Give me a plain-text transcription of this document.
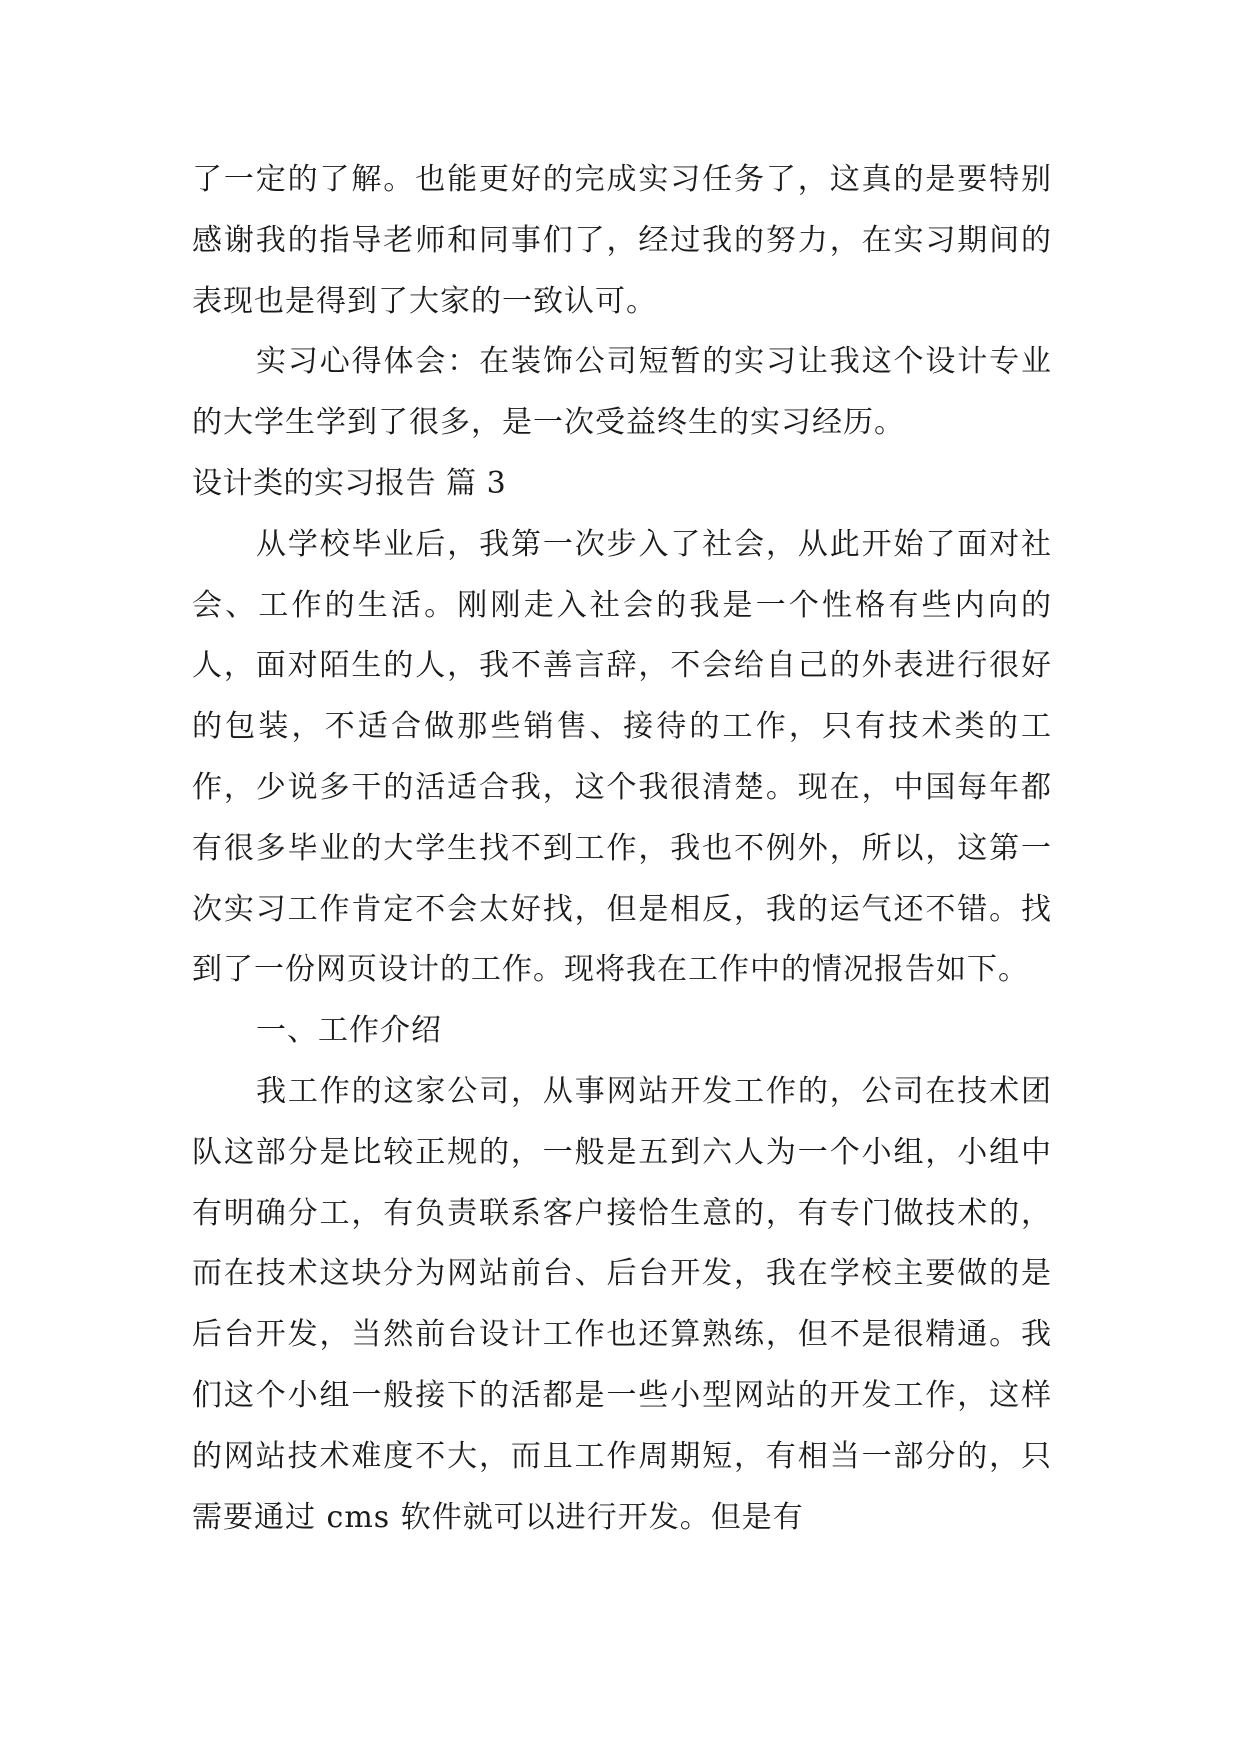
了一定的了解。也能更好的完成实习任务了，这真的是要特别感谢我的指导老师和同事们了，经过我的努力，在实习期间的表现也是得到了大家的一致认可。

实习心得体会：在装饰公司短暂的实习让我这个设计专业的大学生学到了很多，是一次受益终生的实习经历。

设计类的实习报告 篇 3

从学校毕业后，我第一次步入了社会，从此开始了面对社会、工作的生活。刚刚走入社会的我是一个性格有些内向的人，面对陌生的人，我不善言辞，不会给自己的外表进行很好的包装，不适合做那些销售、接待的工作，只有技术类的工作，少说多干的活适合我，这个我很清楚。现在，中国每年都有很多毕业的大学生找不到工作，我也不例外，所以，这第一次实习工作肯定不会太好找，但是相反，我的运气还不错。找到了一份网页设计的工作。现将我在工作中的情况报告如下。

一、工作介绍

我工作的这家公司，从事网站开发工作的，公司在技术团队这部分是比较正规的，一般是五到六人为一个小组，小组中有明确分工，有负责联系客户接恰生意的，有专门做技术的，而在技术这块分为网站前台、后台开发，我在学校主要做的是后台开发，当然前台设计工作也还算熟练，但不是很精通。我们这个小组一般接下的活都是一些小型网站的开发工作，这样的网站技术难度不大，而且工作周期短，有相当一部分的，只需要通过 cms 软件就可以进行开发。但是有
